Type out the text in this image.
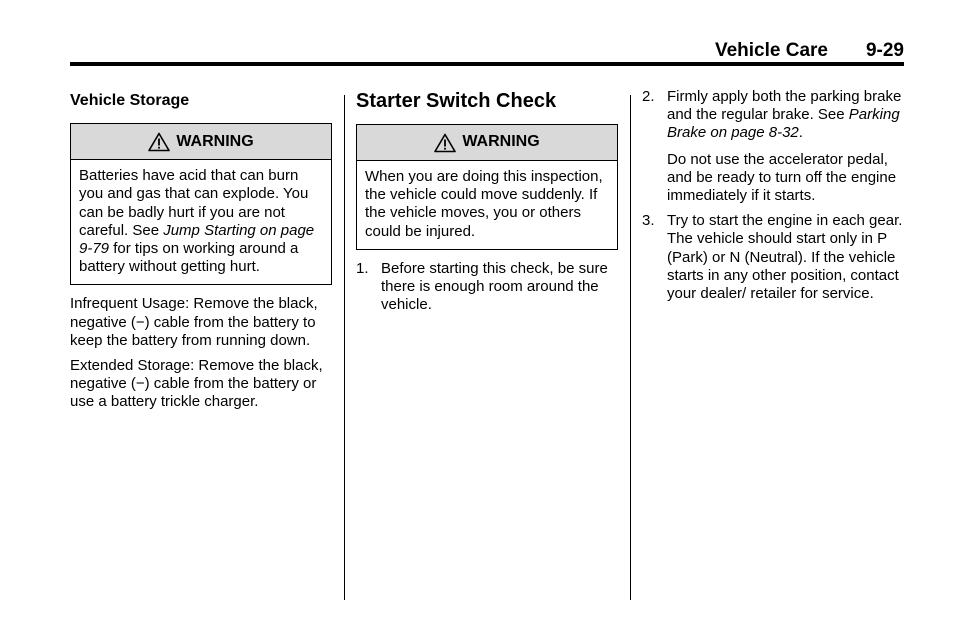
Vehicle Care 9-29
Vehicle Storage
WARNING
Batteries have acid that can burn you and gas that can explode. You can be badly hurt if you are not careful. See Jump Starting on page 9-79 for tips on working around a battery without getting hurt.

Infrequent Usage: Remove the black, negative (−) cable from the battery to keep the battery from running down.

Extended Storage: Remove the black, negative (−) cable from the battery or use a battery trickle charger.

Starter Switch Check
WARNING
When you are doing this inspection, the vehicle could move suddenly. If the vehicle moves, you or others could be injured.
1. Before starting this check, be sure there is enough room around the vehicle.
2. Firmly apply both the parking brake and the regular brake. See Parking Brake on page 8-32.

Do not use the accelerator pedal, and be ready to turn off the engine immediately if it starts.

3. Try to start the engine in each gear. The vehicle should start only in P (Park) or N (Neutral). If the vehicle starts in any other position, contact your dealer/ retailer for service.
